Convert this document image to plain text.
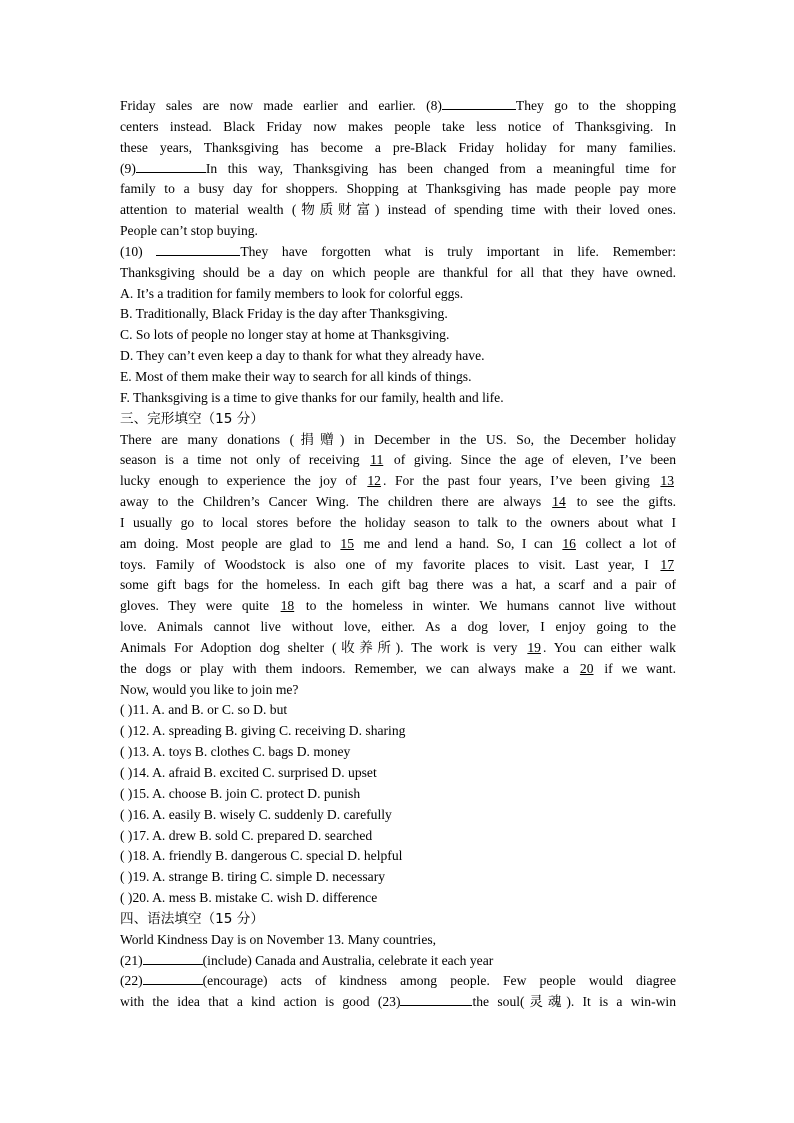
Friday sales are now made earlier and earlier. (8)	They go to the shopping
centers instead. Black Friday now makes people take less notice of Thanksgiving. In
these years, Thanksgiving has become a pre-Black Friday holiday for many families.
(9)	In this way, Thanksgiving has been changed from a meaningful time for
family to a busy day for shoppers. Shopping at Thanksgiving has made people pay more
attention to material wealth (物质财富) instead of spending time with their loved ones.
People can’t stop buying.
(10)	They have forgotten what is truly important in life. Remember:
Thanksgiving should be a day on which people are thankful for all that they have owned.
A. It’s a tradition for family members to look for colorful eggs.
B. Traditionally, Black Friday is the day after Thanksgiving.
C. So lots of people no longer stay at home at Thanksgiving.
D. They can’t even keep a day to thank for what they already have.
E. Most of them make their way to search for all kinds of things.
F. Thanksgiving is a time to give thanks for our family, health and life.
三、完形填空（15 分）
There are many donations (捐赠) in December in the US. So, the December holiday
season is a time not only of receiving 11 of giving. Since the age of eleven, I’ve been
lucky enough to experience the joy of 12 . For the past four years, I’ve been giving 13
away to the Children’s Cancer Wing. The children there are always 14 to see the gifts.
I usually go to local stores before the holiday season to talk to the owners about what I
am doing. Most people are glad to 15 me and lend a hand. So, I can 16 collect a lot of
toys. Family of Woodstock is also one of my favorite places to visit. Last year, I 17
some gift bags for the homeless. In each gift bag there was a hat, a scarf and a pair of
gloves. They were quite 18 to the homeless in winter. We humans cannot live without
love. Animals cannot live without love, either. As a dog lover, I enjoy going to the
Animals For Adoption dog shelter (收养所). The work is very 19 . You can either walk
the dogs or play with them indoors. Remember, we can always make a 20 if we want.
Now, would you like to join me?
( )11. A. and B. or C. so D. but
( )12. A. spreading B. giving C. receiving D. sharing
( )13. A. toys B. clothes C. bags D. money
( )14. A. afraid B. excited C. surprised D. upset
( )15. A. choose B. join C. protect D. punish
( )16. A. easily B. wisely C. suddenly D. carefully
( )17. A. drew B. sold C. prepared D. searched
( )18. A. friendly B. dangerous C. special D. helpful
( )19. A. strange B. tiring C. simple D. necessary
( )20. A. mess B. mistake C. wish D. difference
四、语法填空（15 分）
World Kindness Day is on November 13. Many countries,
(21)	(include) Canada and Australia, celebrate it each year
(22)	(encourage) acts of kindness among people. Few people would diagree
with the idea that a kind action is good (23)	the soul(灵魂). It is a win-win
